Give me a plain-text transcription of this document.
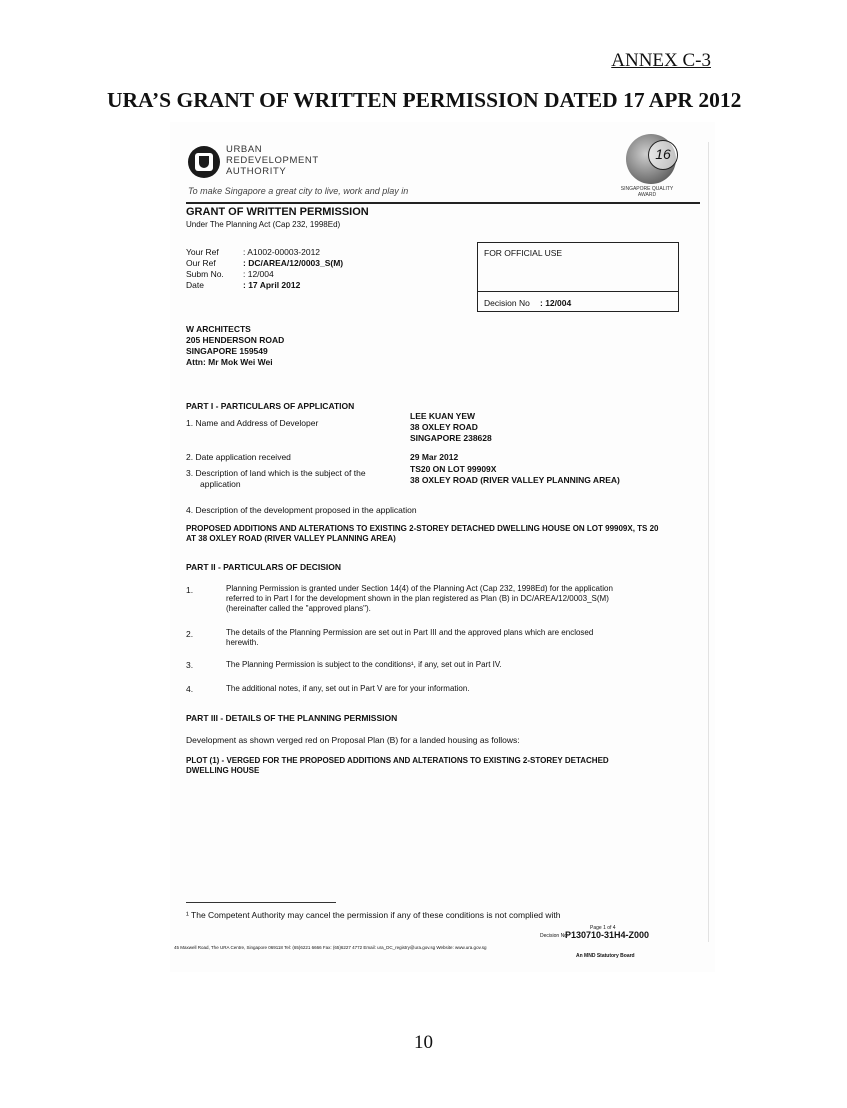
ANNEX C-3
URA’S GRANT OF WRITTEN PERMISSION DATED 17 APR 2012
URBAN
REDEVELOPMENT
AUTHORITY
To make Singapore a great city to live, work and play in
16
SINGAPORE QUALITY AWARD
GRANT OF WRITTEN PERMISSION
Under The Planning Act (Cap 232, 1998Ed)
Your Ref	: A1002-00003-2012
Our Ref	: DC/AREA/12/0003_S(M)
Subm No. : 12/004
Date	: 17 April 2012
FOR OFFICIAL USE
Decision No : 12/004
W ARCHITECTS
205 HENDERSON ROAD
SINGAPORE 159549
Attn: Mr Mok Wei Wei
PART I - PARTICULARS OF APPLICATION
1. Name and Address of Developer
LEE KUAN YEW
38 OXLEY ROAD
SINGAPORE 238628
2. Date application received	29 Mar 2012
3. Description of land which is the subject of the
application
TS20 ON LOT 99909X
38 OXLEY ROAD (RIVER VALLEY PLANNING AREA)
4. Description of the development proposed in the application
PROPOSED ADDITIONS AND ALTERATIONS TO EXISTING 2-STOREY DETACHED DWELLING HOUSE ON LOT 99909X, TS 20 AT 38 OXLEY ROAD (RIVER VALLEY PLANNING AREA)
PART II - PARTICULARS OF DECISION
1.	Planning Permission is granted under Section 14(4) of the Planning Act (Cap 232, 1998Ed) for the application referred to in Part I for the development shown in the plan registered as Plan (B) in DC/AREA/12/0003_S(M) (hereinafter called the "approved plans").
2.	The details of the Planning Permission are set out in Part III and the approved plans which are enclosed herewith.
3.	The Planning Permission is subject to the conditions¹, if any, set out in Part IV.
4.	The additional notes, if any, set out in Part V are for your information.
PART III - DETAILS OF THE PLANNING PERMISSION
Development as shown verged red on Proposal Plan (B) for a landed housing as follows:
PLOT (1) - VERGED FOR THE PROPOSED ADDITIONS AND ALTERATIONS TO EXISTING 2-STOREY DETACHED DWELLING HOUSE
¹ The Competent Authority may cancel the permission if any of these conditions is not complied with
Page 1 of 4
Decision No:
P130710-31H4-Z000
45 Maxwell Road, The URA Centre, Singapore 069118 Tel: (65)6221 6666 Fax: (65)6227 4772 Email: ura_DC_registry@ura.gov.sg Website: www.ura.gov.sg
An MND Statutory Board
10
